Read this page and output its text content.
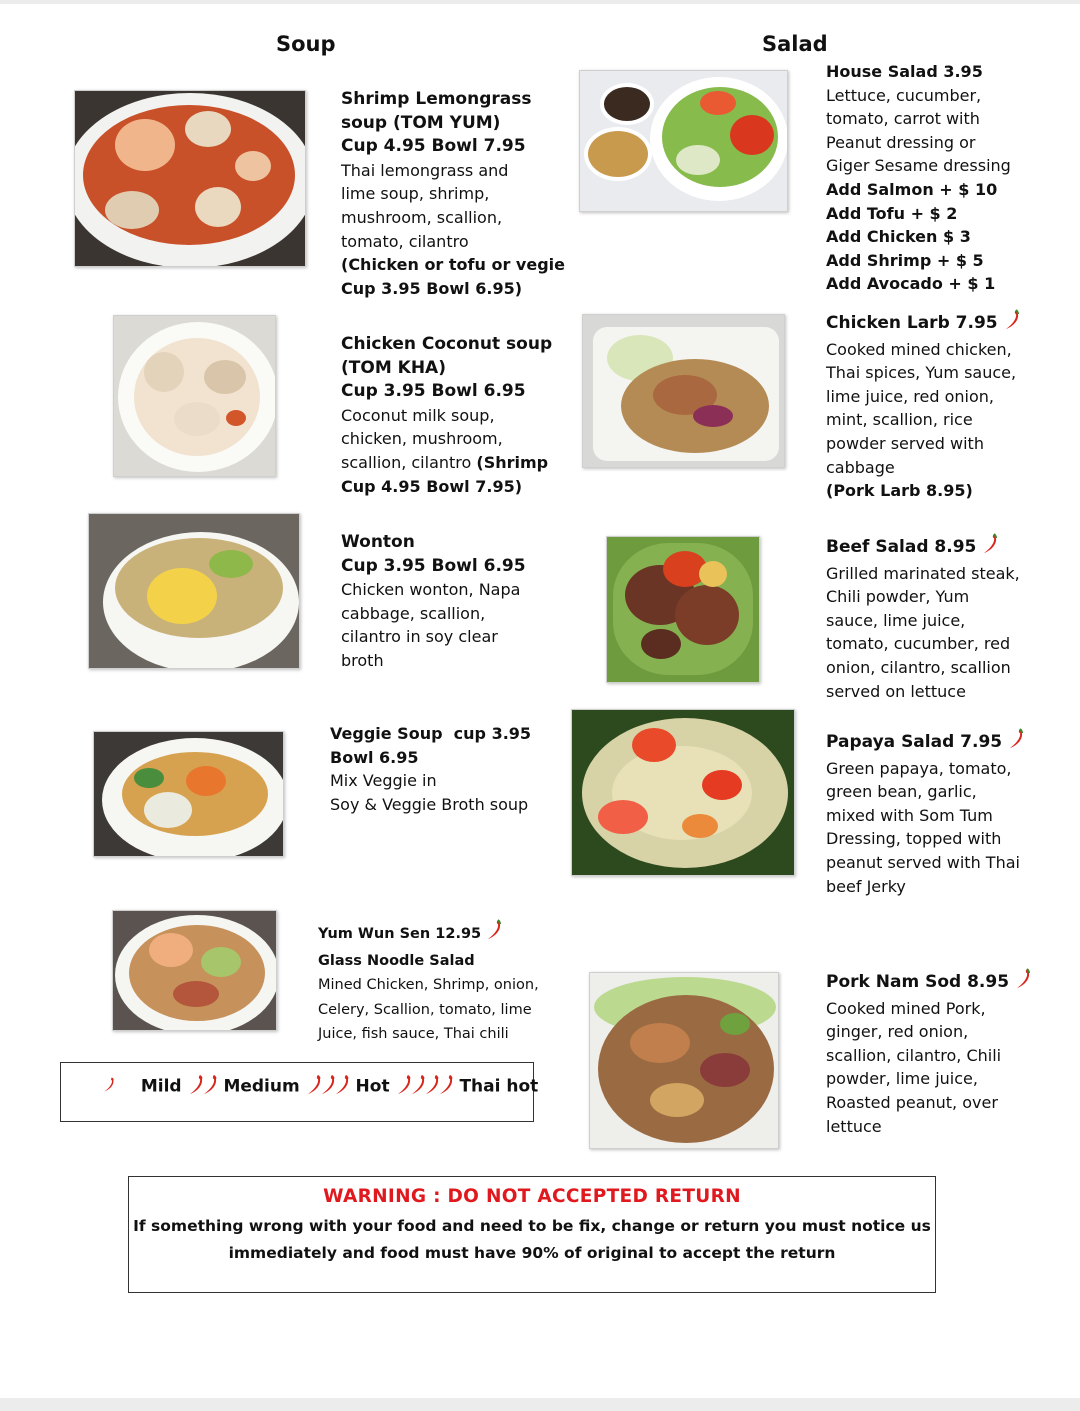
Soup	Salad
Shrimp Lemongrass
soup (TOM YUM)
Cup 4.95 Bowl 7.95
Thai lemongrass and
lime soup, shrimp,
mushroom, scallion,
tomato, cilantro
(Chicken or tofu or vegie
Cup 3.95 Bowl 6.95)
Chicken Coconut soup
(TOM KHA)
Cup 3.95 Bowl 6.95
Coconut milk soup,
chicken, mushroom,
scallion, cilantro (Shrimp
Cup 4.95 Bowl 7.95)
Wonton
Cup 3.95 Bowl 6.95
Chicken wonton, Napa
cabbage, scallion,
cilantro in soy clear
broth
Veggie Soup  cup 3.95
Bowl 6.95
Mix Veggie in
Soy & Veggie Broth soup
Yum Wun Sen 12.95
Glass Noodle Salad
Mined Chicken, Shrimp, onion,
Celery, Scallion, tomato, lime
Juice, fish sauce, Thai chili
House Salad 3.95
Lettuce, cucumber,
tomato, carrot with
Peanut dressing or
Giger Sesame dressing
Add Salmon + $ 10
Add Tofu + $ 2
Add Chicken $ 3
Add Shrimp + $ 5
Add Avocado + $ 1
Chicken Larb 7.95
Cooked mined chicken,
Thai spices, Yum sauce,
lime juice, red onion,
mint, scallion, rice
powder served with
cabbage
(Pork Larb 8.95)
Beef Salad 8.95
Grilled marinated steak,
Chili powder, Yum
sauce, lime juice,
tomato, cucumber, red
onion, cilantro, scallion
served on lettuce
Papaya Salad 7.95
Green papaya, tomato,
green bean, garlic,
mixed with Som Tum
Dressing, topped with
peanut served with Thai
beef Jerky
Pork Nam Sod 8.95
Cooked mined Pork,
ginger, red onion,
scallion, cilantro, Chili
powder, lime juice,
Roasted peanut, over
lettuce
Mild Medium	Hot	Thai hot
WARNING : DO NOT ACCEPTED RETURN
If something wrong with your food and need to be fix, change or return you must notice us
immediately and food must have 90% of original to accept the return
